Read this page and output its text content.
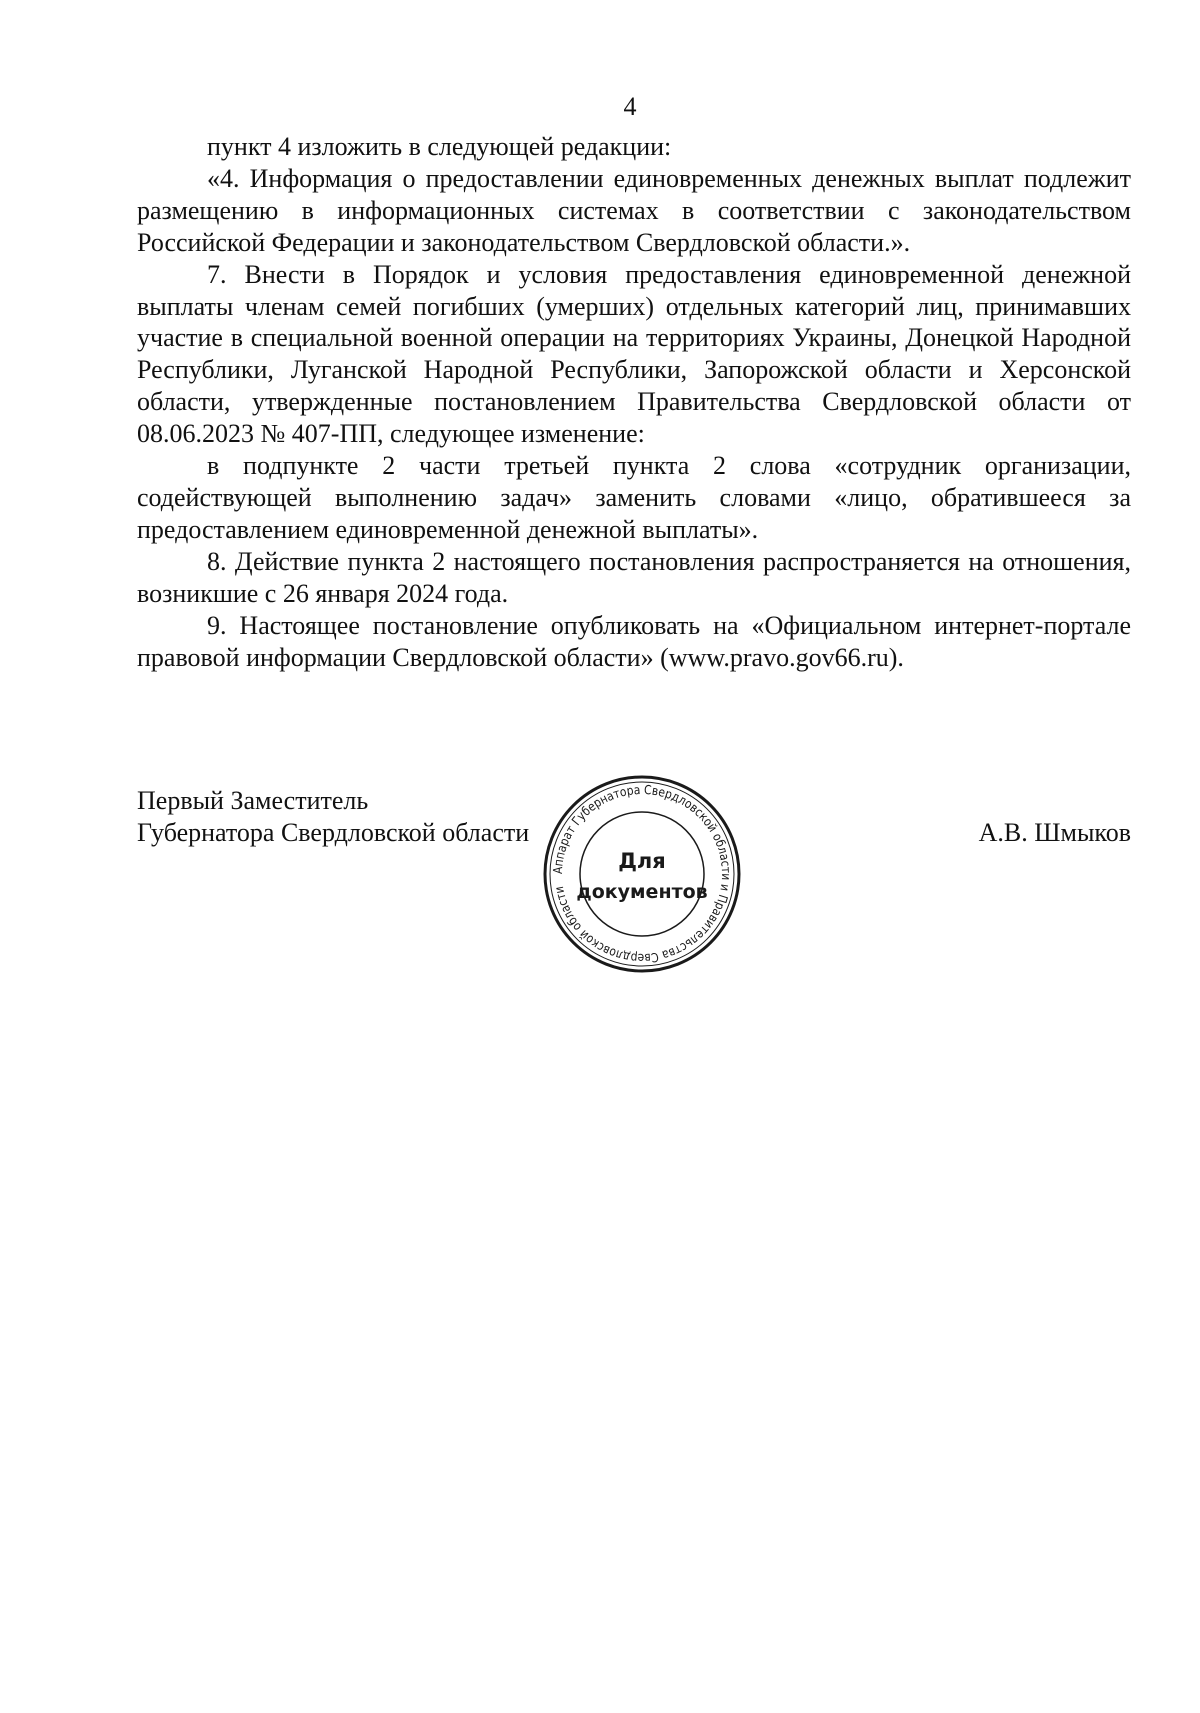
4

пункт 4 изложить в следующей редакции:

«4. Информация о предоставлении единовременных денежных выплат подлежит размещению в информационных системах в соответствии с законодательством Российской Федерации и законодательством Свердловской области.».

7. Внести в Порядок и условия предоставления единовременной денежной выплаты членам семей погибших (умерших) отдельных категорий лиц, принимавших участие в специальной военной операции на территориях Украины, Донецкой Народной Республики, Луганской Народной Республики, Запорожской области и Херсонской области, утвержденные постановлением Правительства Свердловской области от 08.06.2023 № 407-ПП, следующее изменение:

в подпункте 2 части третьей пункта 2 слова «сотрудник организации, содействующей выполнению задач» заменить словами «лицо, обратившееся за предоставлением единовременной денежной выплаты».

8. Действие пункта 2 настоящего постановления распространяется на отношения, возникшие с 26 января 2024 года.

9. Настоящее постановление опубликовать на «Официальном интернет-портале правовой информации Свердловской области» (www.pravo.gov66.ru).

Первый Заместитель
Губернатора Свердловской области	А.В. Шмыков
Аппарат Губернатора Свердловской области и Правительства Свердловской области
Для
документов
